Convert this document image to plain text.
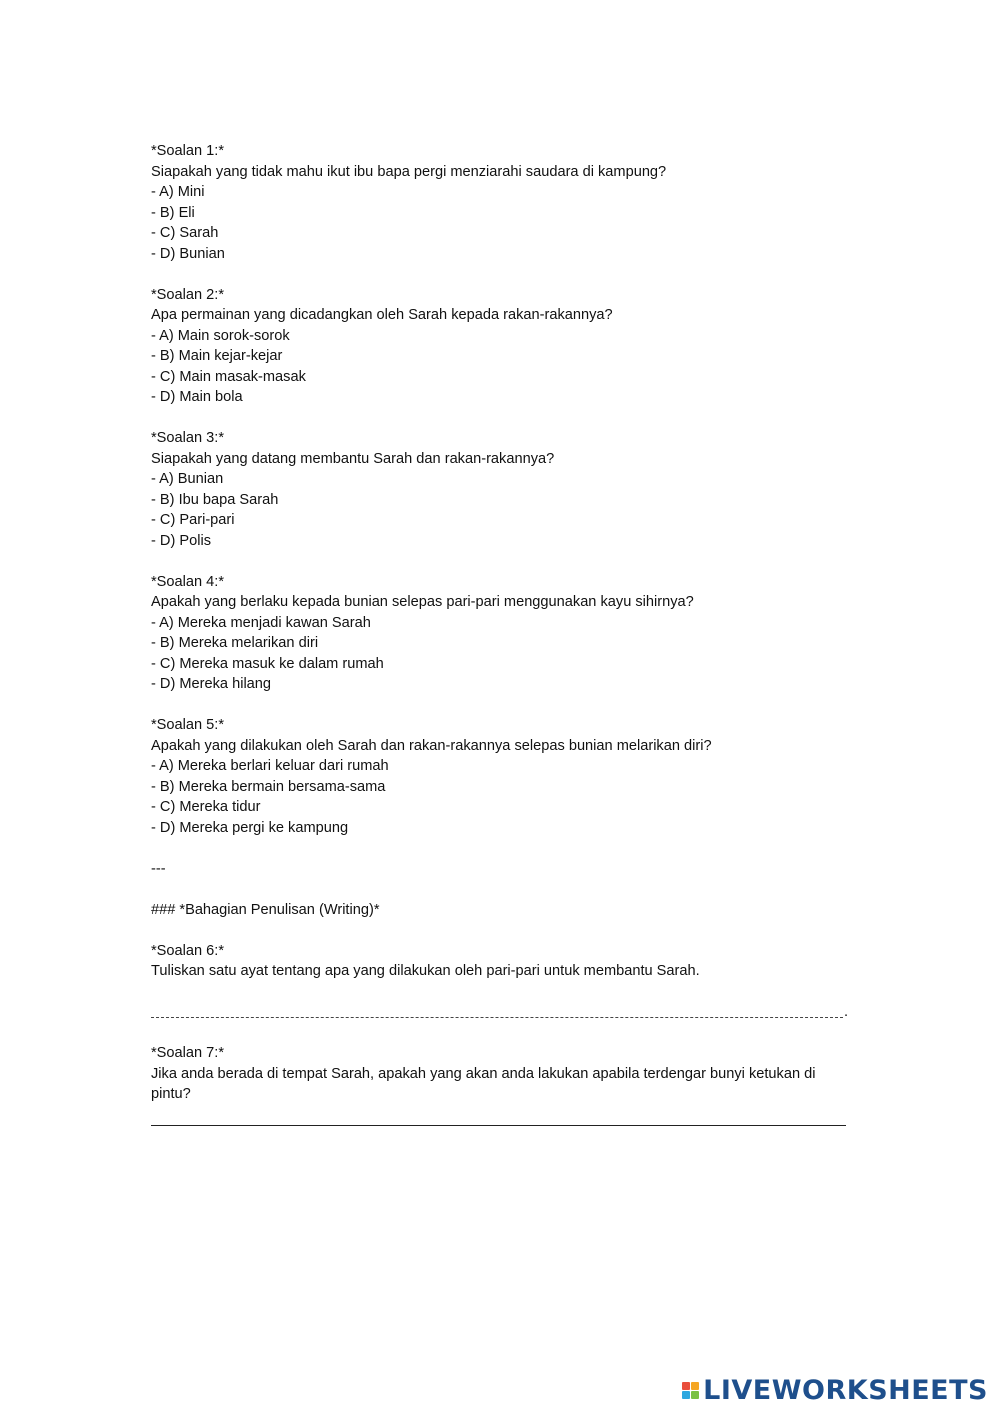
*Soalan 1:*

Siapakah yang tidak mahu ikut ibu bapa pergi menziarahi saudara di kampung?

- A) Mini

- B) Eli

- C) Sarah

- D) Bunian

*Soalan 2:*

Apa permainan yang dicadangkan oleh Sarah kepada rakan-rakannya?

- A) Main sorok-sorok

- B) Main kejar-kejar

- C) Main masak-masak

- D) Main bola

*Soalan 3:*

Siapakah yang datang membantu Sarah dan rakan-rakannya?

- A) Bunian

- B) Ibu bapa Sarah

- C) Pari-pari

- D) Polis

*Soalan 4:*

Apakah yang berlaku kepada bunian selepas pari-pari menggunakan kayu sihirnya?

- A) Mereka menjadi kawan Sarah

- B) Mereka melarikan diri

- C) Mereka masuk ke dalam rumah

- D) Mereka hilang

*Soalan 5:*

Apakah yang dilakukan oleh Sarah dan rakan-rakannya selepas bunian melarikan diri?

- A) Mereka berlari keluar dari rumah

- B) Mereka bermain bersama-sama

- C) Mereka tidur

- D) Mereka pergi ke kampung

---

### *Bahagian Penulisan (Writing)*

*Soalan 6:*

Tuliskan satu ayat tentang apa yang dilakukan oleh pari-pari untuk membantu Sarah.

.

*Soalan 7:*

Jika anda berada di tempat Sarah, apakah yang akan anda lakukan apabila terdengar bunyi ketukan di pintu?

LIVEWORKSHEETS
